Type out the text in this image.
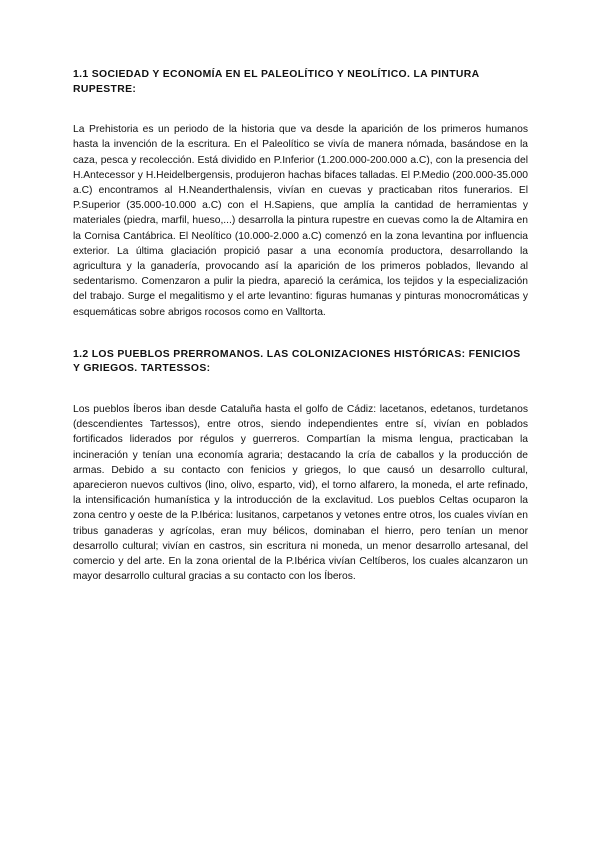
1.1 SOCIEDAD Y ECONOMÍA EN EL PALEOLÍTICO Y NEOLÍTICO. LA PINTURA RUPESTRE:

La Prehistoria es un periodo de la historia que va desde la aparición de los primeros humanos hasta la invención de la escritura. En el Paleolítico se vivía de manera nómada, basándose en la caza, pesca y recolección. Está dividido en P.Inferior (1.200.000-200.000 a.C), con la presencia del H.Antecessor y H.Heidelbergensis, produjeron hachas bifaces talladas. El P.Medio (200.000-35.000 a.C) encontramos al H.Neanderthalensis, vivían en cuevas y practicaban ritos funerarios. El P.Superior (35.000-10.000 a.C) con el H.Sapiens, que amplía la cantidad de herramientas y materiales (piedra, marfil, hueso,...) desarrolla la pintura rupestre en cuevas como la de Altamira en la Cornisa Cantábrica. El Neolítico (10.000-2.000 a.C) comenzó en la zona levantina por influencia exterior. La última glaciación propició pasar a una economía productora, desarrollando la agricultura y la ganadería, provocando así la aparición de los primeros poblados, llevando al sedentarismo. Comenzaron a pulir la piedra, apareció la cerámica, los tejidos y la especialización del trabajo. Surge el megalitismo y el arte levantino: figuras humanas y pinturas monocromáticas y esquemáticas sobre abrigos rocosos como en Valltorta.

1.2 LOS PUEBLOS PRERROMANOS. LAS COLONIZACIONES HISTÓRICAS: FENICIOS Y GRIEGOS. TARTESSOS:

Los pueblos Íberos iban desde Cataluña hasta el golfo de Cádiz: lacetanos, edetanos, turdetanos (descendientes Tartessos), entre otros, siendo independientes entre sí, vivían en poblados fortificados liderados por régulos y guerreros. Compartían la misma lengua, practicaban la incineración y tenían una economía agraria; destacando la cría de caballos y la producción de armas. Debido a su contacto con fenicios y griegos, lo que causó un desarrollo cultural, aparecieron nuevos cultivos (lino, olivo, esparto, vid), el torno alfarero, la moneda, el arte refinado, la intensificación humanística y la introducción de la exclavitud. Los pueblos Celtas ocuparon la zona centro y oeste de la P.Ibérica: lusitanos, carpetanos y vetones entre otros, los cuales vivían en tribus ganaderas y agrícolas, eran muy bélicos, dominaban el hierro, pero tenían un menor desarrollo cultural; vivían en castros, sin escritura ni moneda, un menor desarrollo artesanal, del comercio y del arte. En la zona oriental de la P.Ibérica vivían Celtíberos, los cuales alcanzaron un mayor desarrollo cultural gracias a su contacto con los Íberos.
